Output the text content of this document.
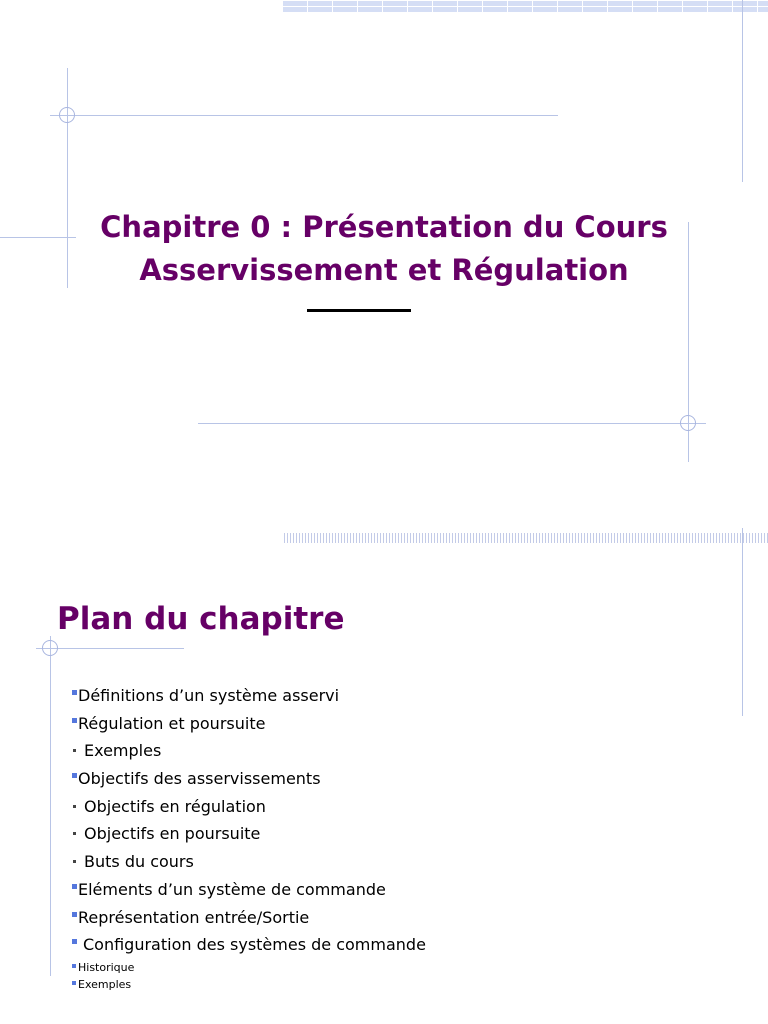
Chapitre 0 : Présentation du Cours
Asservissement et Régulation
Plan du chapitre
Définitions d’un système asservi
Régulation et poursuite
Exemples
Objectifs des asservissements
Objectifs en régulation
Objectifs en poursuite
Buts du cours
Eléments d’un système de commande
Représentation entrée/Sortie
Configuration des systèmes de commande
Historique
Exemples
